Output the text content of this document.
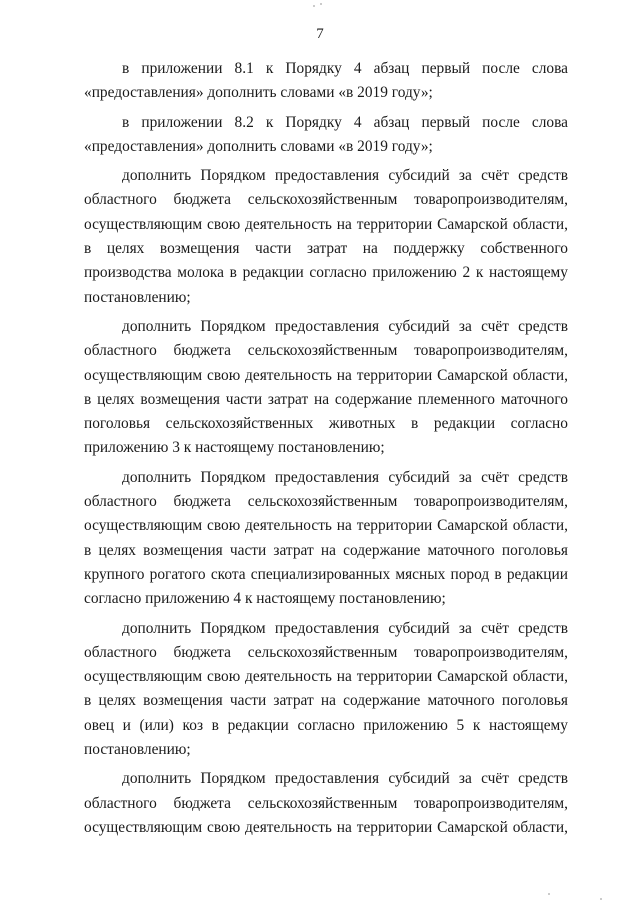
7

в приложении 8.1 к Порядку 4 абзац первый после слова «предоставления» дополнить словами «в 2019 году»;

в приложении 8.2 к Порядку 4 абзац первый после слова «предоставления» дополнить словами «в 2019 году»;

дополнить Порядком предоставления субсидий за счёт средств областного бюджета сельскохозяйственным товаропроизводителям, осуществляющим свою деятельность на территории Самарской области, в целях возмещения части затрат на поддержку собственного производства молока в редакции согласно приложению 2 к настоящему постановлению;

дополнить Порядком предоставления субсидий за счёт средств областного бюджета сельскохозяйственным товаропроизводителям, осуществляющим свою деятельность на территории Самарской области, в целях возмещения части затрат на содержание племенного маточного поголовья сельскохозяйственных животных в редакции согласно приложению 3 к настоящему постановлению;

дополнить Порядком предоставления субсидий за счёт средств областного бюджета сельскохозяйственным товаропроизводителям, осуществляющим свою деятельность на территории Самарской области, в целях возмещения части затрат на содержание маточного поголовья крупного рогатого скота специализированных мясных пород в редакции согласно приложению 4 к настоящему постановлению;

дополнить Порядком предоставления субсидий за счёт средств областного бюджета сельскохозяйственным товаропроизводителям, осуществляющим свою деятельность на территории Самарской области, в целях возмещения части затрат на содержание маточного поголовья овец и (или) коз в редакции согласно приложению 5 к настоящему постановлению;

дополнить Порядком предоставления субсидий за счёт средств областного бюджета сельскохозяйственным товаропроизводителям, осуществляющим свою деятельность на территории Самарской области,
